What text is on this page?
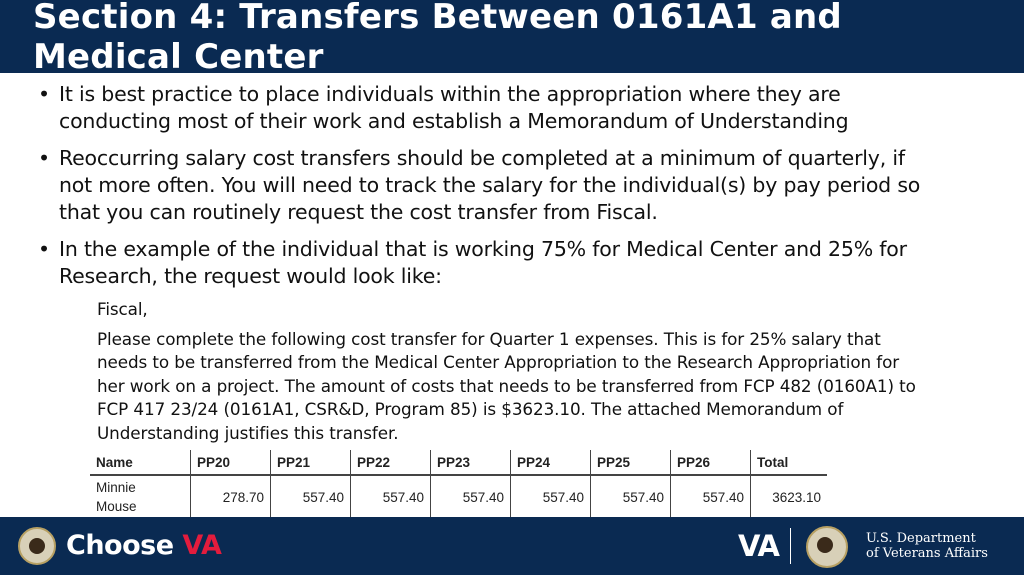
Section 4: Transfers Between 0161A1 and
Medical Center
• It is best practice to place individuals within the appropriation where they are conducting most of their work and establish a Memorandum of Understanding
• Reoccurring salary cost transfers should be completed at a minimum of quarterly, if not more often. You will need to track the salary for the individual(s) by pay period so that you can routinely request the cost transfer from Fiscal.
• In the example of the individual that is working 75% for Medical Center and 25% for Research, the request would look like:

Fiscal,

Please complete the following cost transfer for Quarter 1 expenses. This is for 25% salary that needs to be transferred from the Medical Center Appropriation to the Research Appropriation for her work on a project. The amount of costs that needs to be transferred from FCP 482 (0160A1) to FCP 417 23/24 (0161A1, CSR&D, Program 85) is $3623.10. The attached Memorandum of Understanding justifies this transfer.

Name	PP20	PP21	PP22	PP23	PP24	PP25	PP26	Total
Minnie
Mouse	278.70	557.40	557.40	557.40	557.40	557.40	557.40	3623.10
Choose VA	VA	U.S. Department
of Veterans Affairs
